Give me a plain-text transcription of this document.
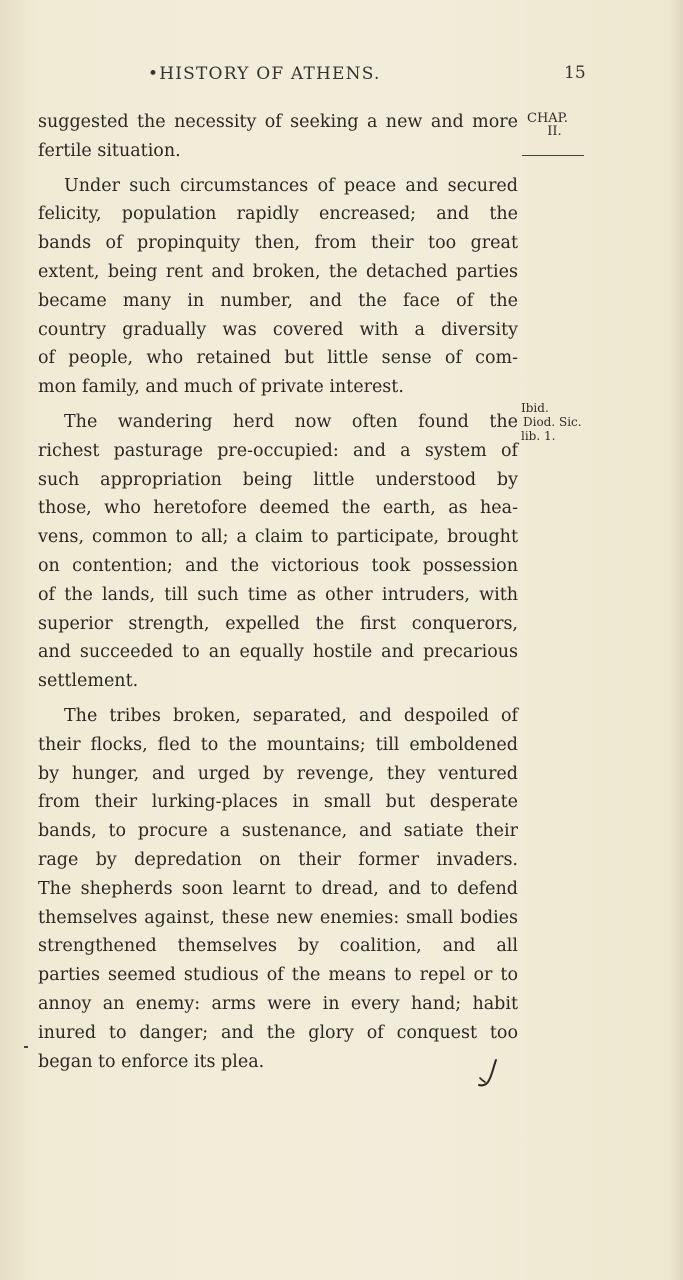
•HISTORY OF ATHENS.	15
CHAP.
II.
Ibid.
Diod. Sic.
lib. 1.
suggested the necessity of seeking a new and more
fertile situation.
Under such circumstances of peace and secured
felicity, population rapidly encreased; and the
bands of propinquity then, from their too great
extent, being rent and broken, the detached parties
became many in number, and the face of the
country gradually was covered with a diversity
of people, who retained but little sense of com-
mon family, and much of private interest.
The wandering herd now often found the
richest pasturage pre-occupied: and a system of
such appropriation being little understood by
those, who heretofore deemed the earth, as hea-
vens, common to all; a claim to participate, brought
on contention; and the victorious took possession
of the lands, till such time as other intruders, with
superior strength, expelled the first conquerors,
and succeeded to an equally hostile and precarious
settlement.
The tribes broken, separated, and despoiled of
their flocks, fled to the mountains; till emboldened
by hunger, and urged by revenge, they ventured
from their lurking-places in small but desperate
bands, to procure a sustenance, and satiate their
rage by depredation on their former invaders.
The shepherds soon learnt to dread, and to defend
themselves against, these new enemies: small bodies
strengthened themselves by coalition, and all
parties seemed studious of the means to repel or to
annoy an enemy: arms were in every hand; habit
inured to danger; and the glory of conquest too
began to enforce its plea.
